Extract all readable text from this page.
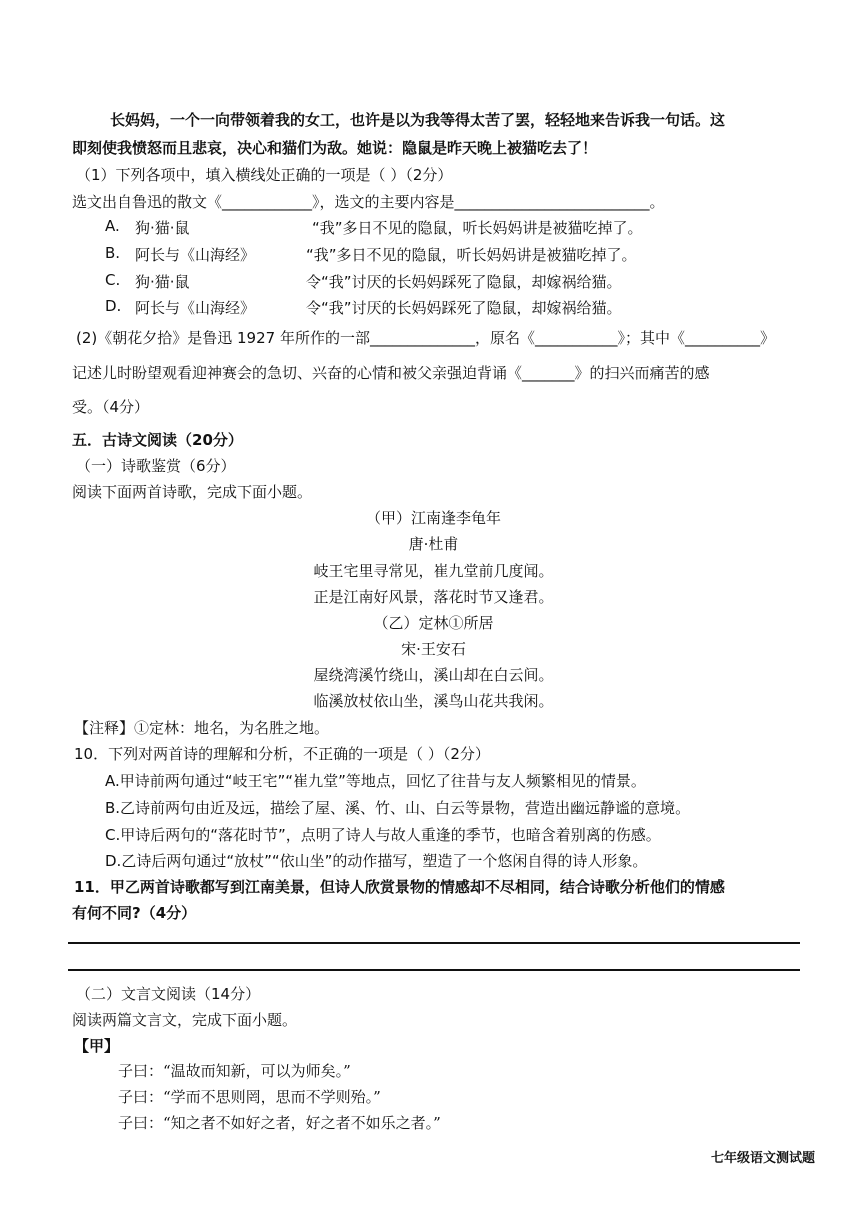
长妈妈，一个一向带领着我的女工，也许是以为我等得太苦了罢，轻轻地来告诉我一句话。这
即刻使我愤怒而且悲哀，决心和猫们为敌。她说：隐鼠是昨天晚上被猫吃去了！
（1）下列各项中，填入横线处正确的一项是（ ）（2分）
选文出自鲁迅的散文《____________》，选文的主要内容是__________________________。
A. 狗·猫·鼠	“我”多日不见的隐鼠，听长妈妈讲是被猫吃掉了。
B. 阿长与《山海经》	“我”多日不见的隐鼠，听长妈妈讲是被猫吃掉了。
C. 狗·猫·鼠	令“我”讨厌的长妈妈踩死了隐鼠，却嫁祸给猫。
D. 阿长与《山海经》	令“我”讨厌的长妈妈踩死了隐鼠，却嫁祸给猫。
(2)《朝花夕拾》是鲁迅 1927 年所作的一部______________，原名《___________》；其中《__________》
记述儿时盼望观看迎神赛会的急切、兴奋的心情和被父亲强迫背诵《_______》的扫兴而痛苦的感
受。（4分）
五．古诗文阅读（20分）
（一）诗歌鉴赏（6分）
阅读下面两首诗歌，完成下面小题。
（甲）江南逢李龟年
唐·杜甫
岐王宅里寻常见，崔九堂前几度闻。
正是江南好风景，落花时节又逢君。
（乙）定林①所居
宋·王安石
屋绕湾溪竹绕山，溪山却在白云间。
临溪放杖依山坐，溪鸟山花共我闲。
【注释】①定林：地名，为名胜之地。
10．下列对两首诗的理解和分析，不正确的一项是（ ）（2分）
A.甲诗前两句通过“岐王宅”“崔九堂”等地点，回忆了往昔与友人频繁相见的情景。
B.乙诗前两句由近及远，描绘了屋、溪、竹、山、白云等景物，营造出幽远静谧的意境。
C.甲诗后两句的“落花时节”，点明了诗人与故人重逢的季节，也暗含着别离的伤感。
D.乙诗后两句通过“放杖”“依山坐”的动作描写，塑造了一个悠闲自得的诗人形象。
11．甲乙两首诗歌都写到江南美景，但诗人欣赏景物的情感却不尽相同，结合诗歌分析他们的情感
有何不同?（4分）
（二）文言文阅读（14分）
阅读两篇文言文，完成下面小题。
【甲】
子曰：“温故而知新，可以为师矣。”
子曰：“学而不思则罔，思而不学则殆。”
子曰：“知之者不如好之者，好之者不如乐之者。”
七年级语文测试题
